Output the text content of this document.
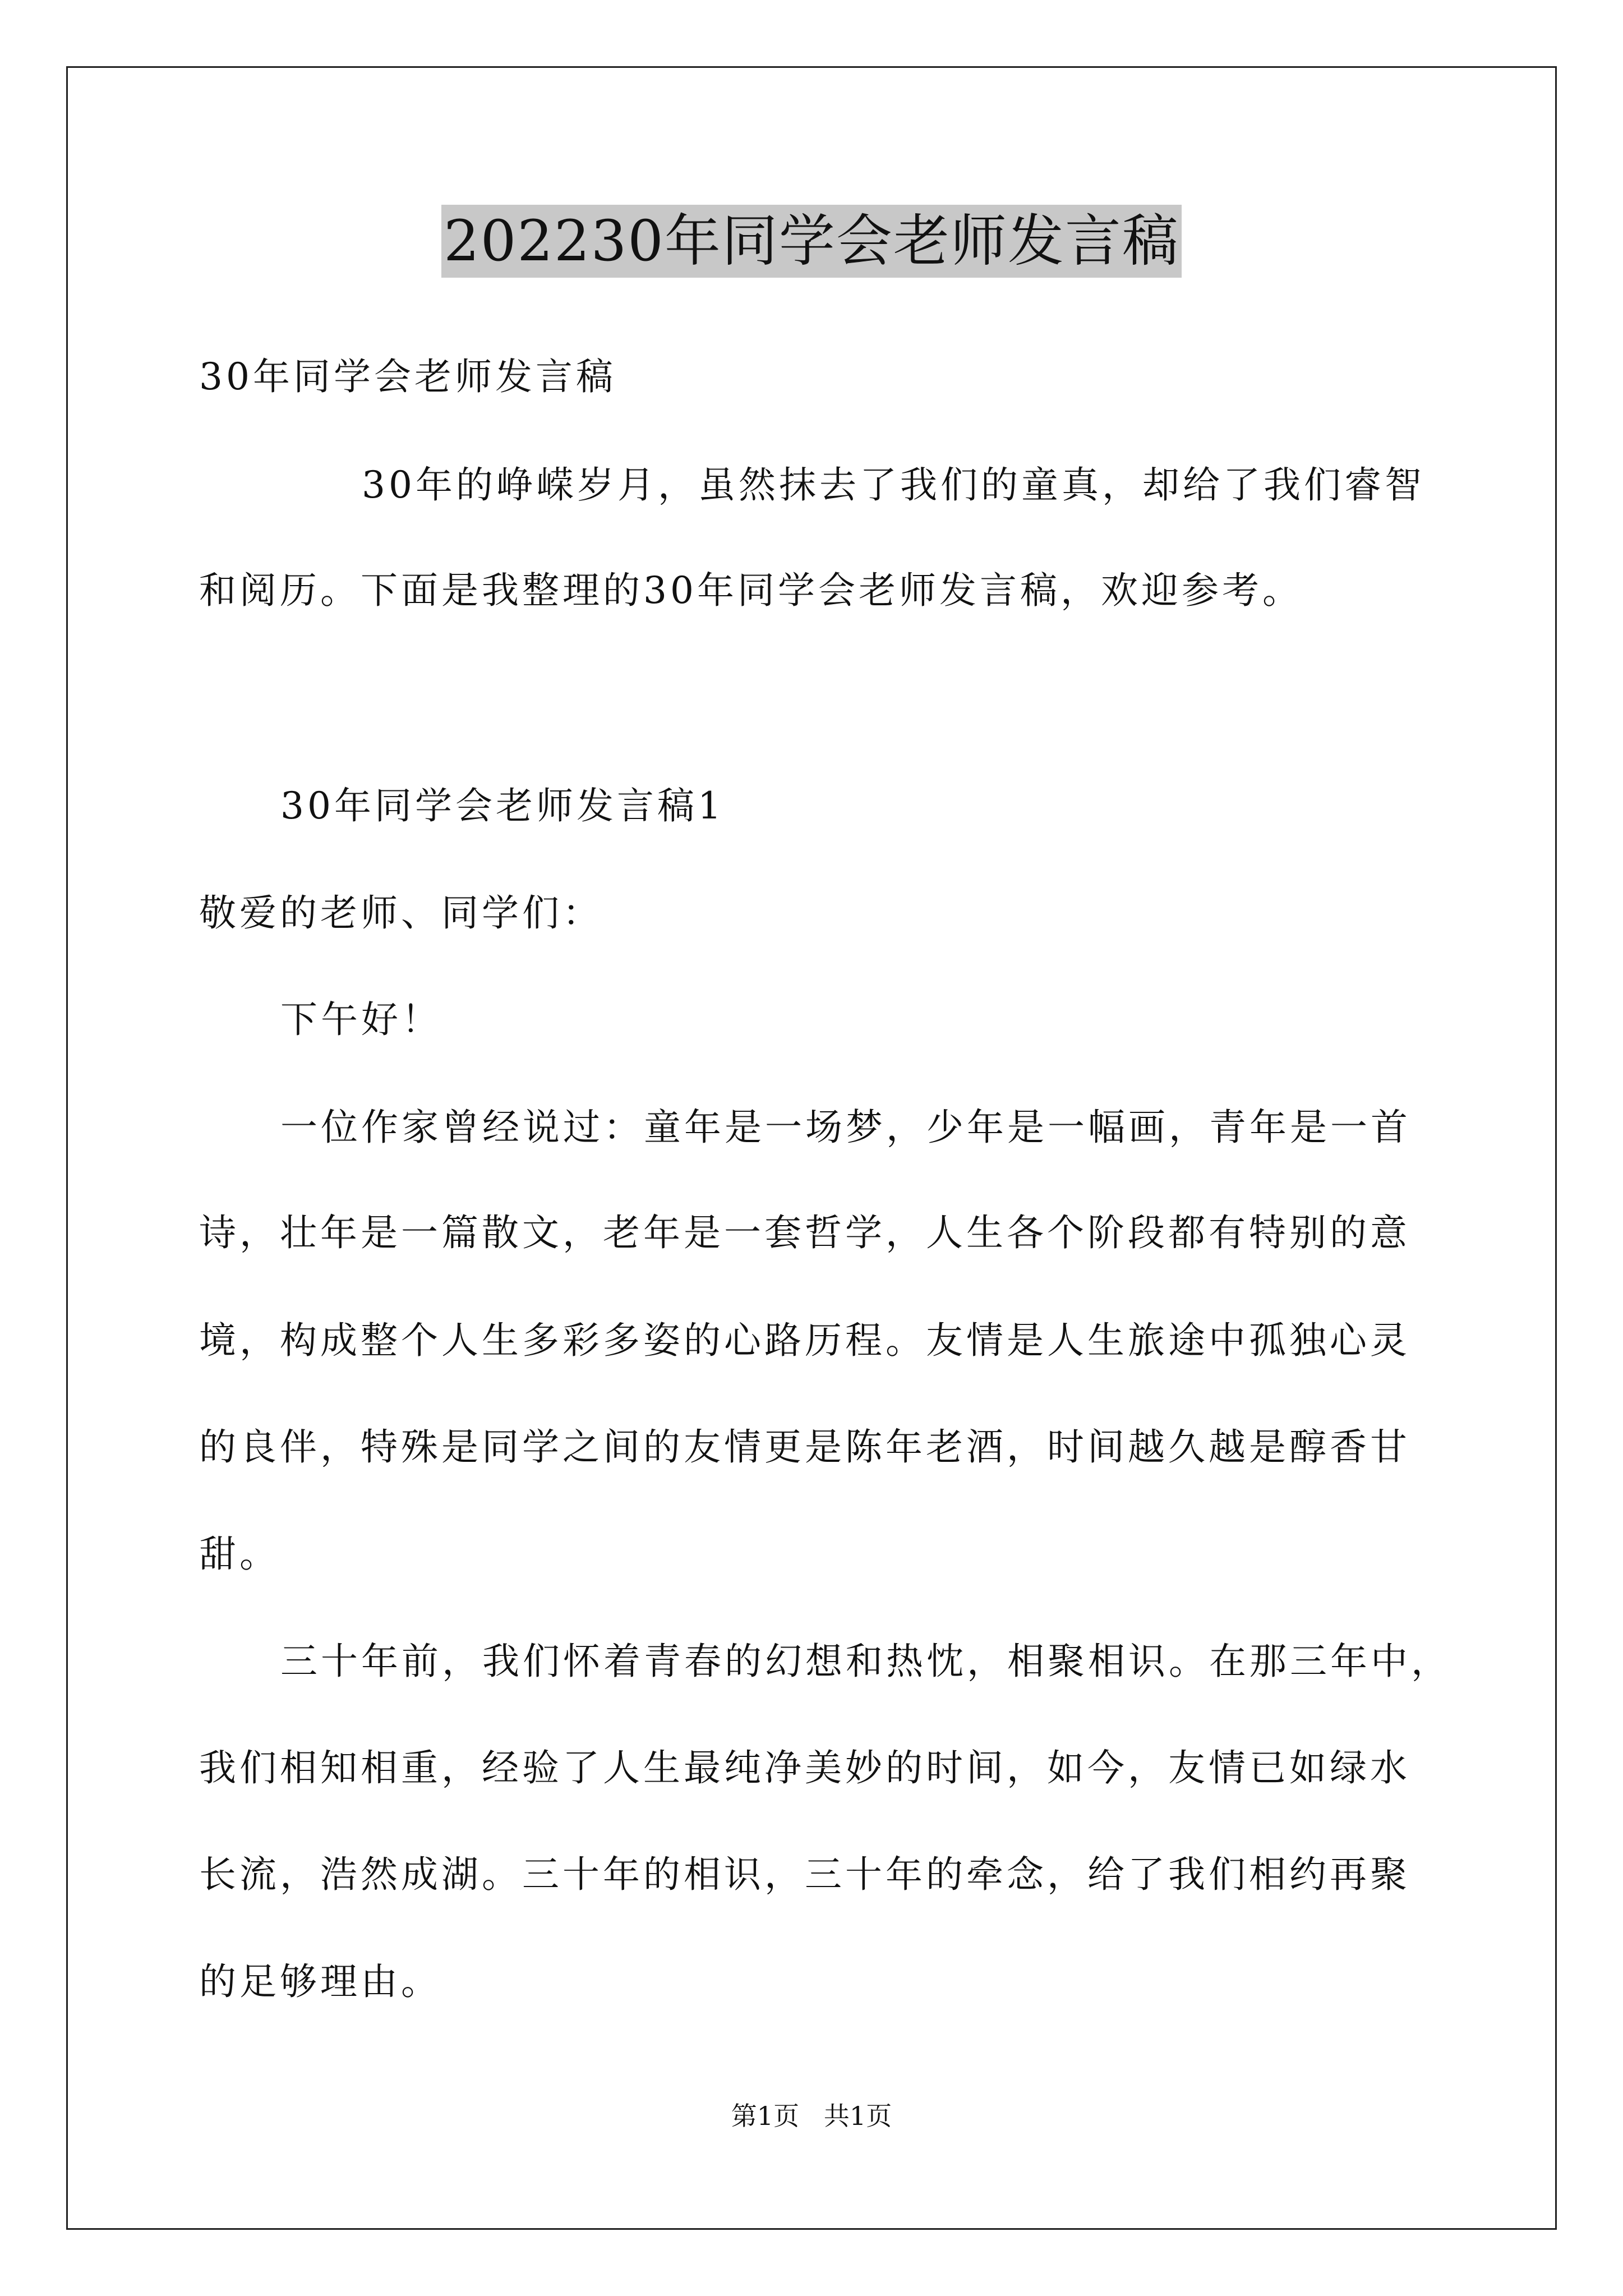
202230年同学会老师发言稿
30年同学会老师发言稿
30年的峥嵘岁月，虽然抹去了我们的童真，却给了我们睿智
和阅历。下面是我整理的30年同学会老师发言稿，欢迎参考。
30年同学会老师发言稿1
敬爱的老师、同学们：
下午好！
一位作家曾经说过：童年是一场梦，少年是一幅画，青年是一首
诗，壮年是一篇散文，老年是一套哲学，人生各个阶段都有特别的意
境，构成整个人生多彩多姿的心路历程。友情是人生旅途中孤独心灵
的良伴，特殊是同学之间的友情更是陈年老酒，时间越久越是醇香甘
甜。
三十年前，我们怀着青春的幻想和热忱，相聚相识。在那三年中，
我们相知相重，经验了人生最纯净美妙的时间，如今，友情已如绿水
长流，浩然成湖。三十年的相识，三十年的牵念，给了我们相约再聚
的足够理由。
第1页   共1页
